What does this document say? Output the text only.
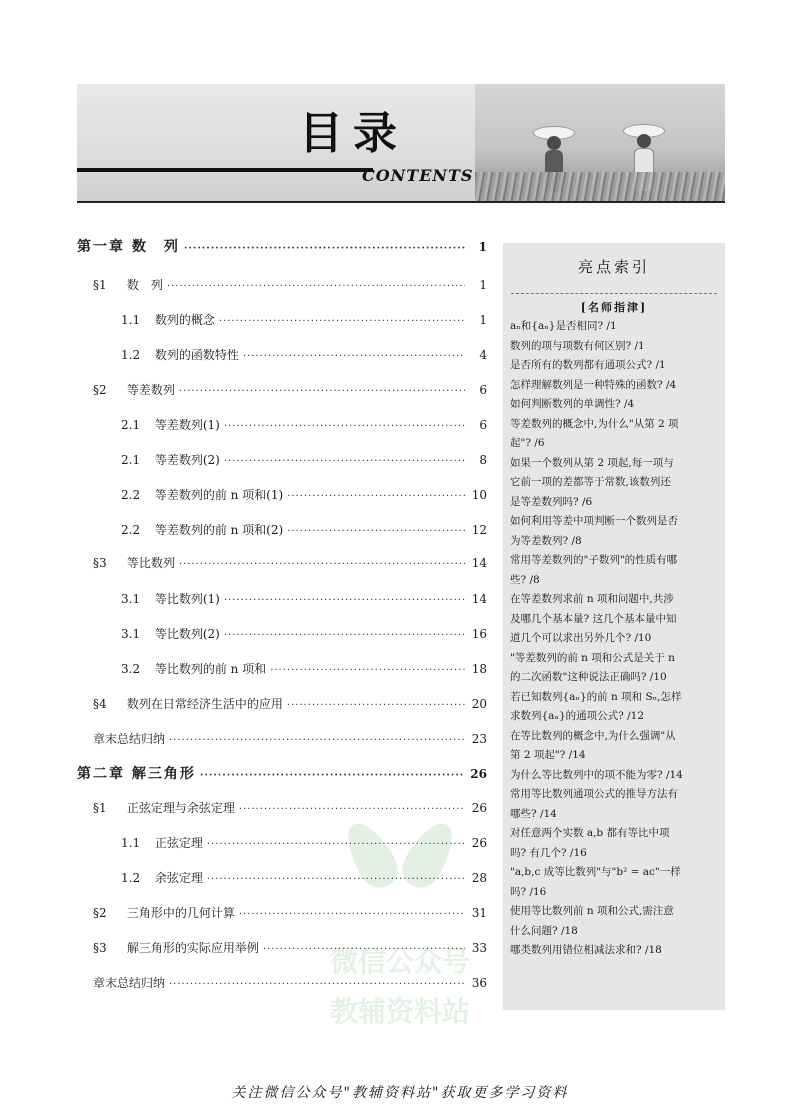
目录
CONTENTS
第一章 数　列 ·····	1
§1 数　列 ·····	1
1.1 数列的概念 ·····	1
1.2 数列的函数特性 ·····	4
§2 等差数列 ·····	6
2.1 等差数列(1) ·····	6
2.1 等差数列(2) ·····	8
2.2 等差数列的前 n 项和(1) ·····	10
2.2 等差数列的前 n 项和(2) ·····	12
§3 等比数列 ·····	14
3.1 等比数列(1) ·····	14
3.1 等比数列(2) ·····	16
3.2 等比数列的前 n 项和 ·····	18
§4 数列在日常经济生活中的应用 ·····	20
章末总结归纳 ·····	23
第二章 解三角形 ·····	26
§1 正弦定理与余弦定理 ·····	26
1.1 正弦定理 ·····	26
1.2 余弦定理 ·····	28
§2 三角形中的几何计算 ·····	31
§3 解三角形的实际应用举例 ·····	33
章末总结归纳 ·····	36
亮点索引
[名师指津]
aₙ和{aₙ}是否相同? /1
数列的项与项数有何区别? /1
是否所有的数列都有通项公式? /1
怎样理解数列是一种特殊的函数? /4
如何判断数列的单调性? /4
等差数列的概念中,为什么"从第 2 项
起"? /6
如果一个数列从第 2 项起,每一项与
它前一项的差都等于常数,该数列还
是等差数列吗? /6
如何利用等差中项判断一个数列是否
为等差数列? /8
常用等差数列的"子数列"的性质有哪
些? /8
在等差数列求前 n 项和问题中,共涉
及哪几个基本量? 这几个基本量中知
道几个可以求出另外几个? /10
"等差数列的前 n 项和公式是关于 n
的二次函数"这种说法正确吗? /10
若已知数列{aₙ}的前 n 项和 Sₙ,怎样
求数列{aₙ}的通项公式? /12
在等比数列的概念中,为什么强调"从
第 2 项起"? /14
为什么等比数列中的项不能为零? /14
常用等比数列通项公式的推导方法有
哪些? /14
对任意两个实数 a,b 都有等比中项
吗? 有几个? /16
"a,b,c 成等比数列"与"b² = ac"一样
吗? /16
使用等比数列前 n 项和公式,需注意
什么问题? /18
哪类数列用错位相减法求和? /18
微信公众号
教辅资料站
关注微信公众号"教辅资料站"获取更多学习资料
